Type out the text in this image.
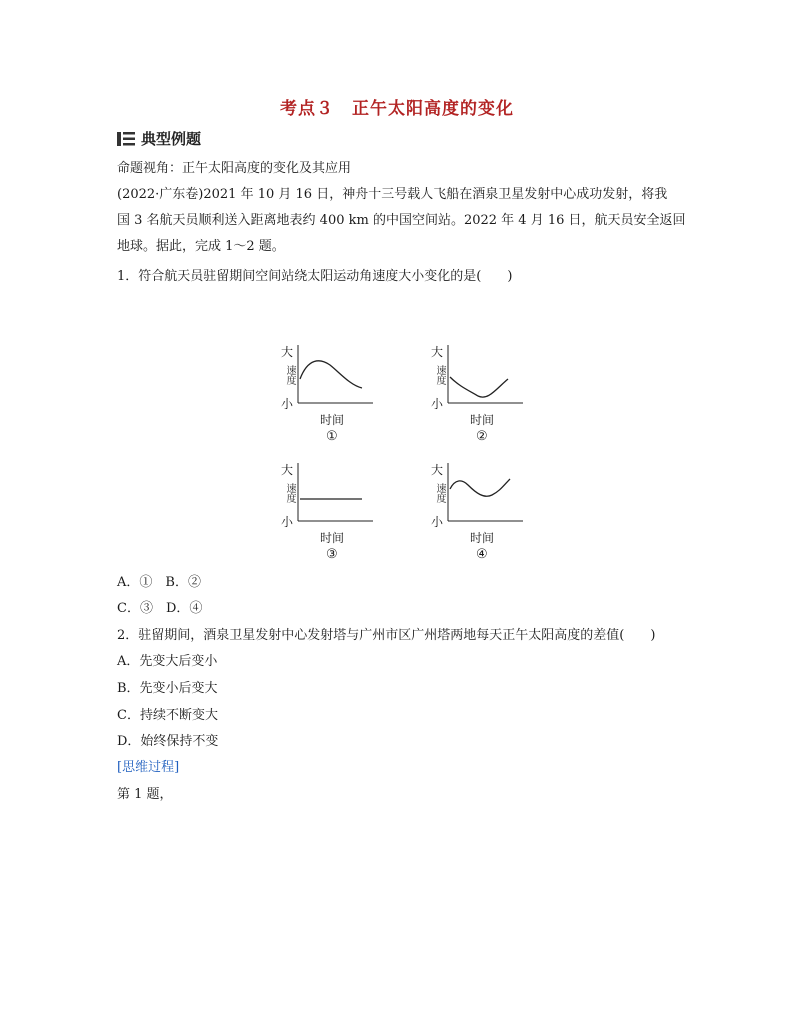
考点３　正午太阳高度的变化
典型例题
命题视角：正午太阳高度的变化及其应用
(2022·广东卷)2021 年 10 月 16 日，神舟十三号载人飞船在酒泉卫星发射中心成功发射，将我
国 3 名航天员顺利送入距离地表约 400 km 的中国空间站。2022 年 4 月 16 日，航天员安全返回
地球。据此，完成 1～2 题。
1．符合航天员驻留期间空间站绕太阳运动角速度大小变化的是(　　)
大
速度
小
时间
①
大
速度
小
时间
②
大
速度
小
时间
③
大
速度
小
时间
④
A．①　B．②
C．③　D．④
2．驻留期间，酒泉卫星发射中心发射塔与广州市区广州塔两地每天正午太阳高度的差值(　　)
A．先变大后变小
B．先变小后变大
C．持续不断变大
D．始终保持不变
[思维过程]
第 1 题，
